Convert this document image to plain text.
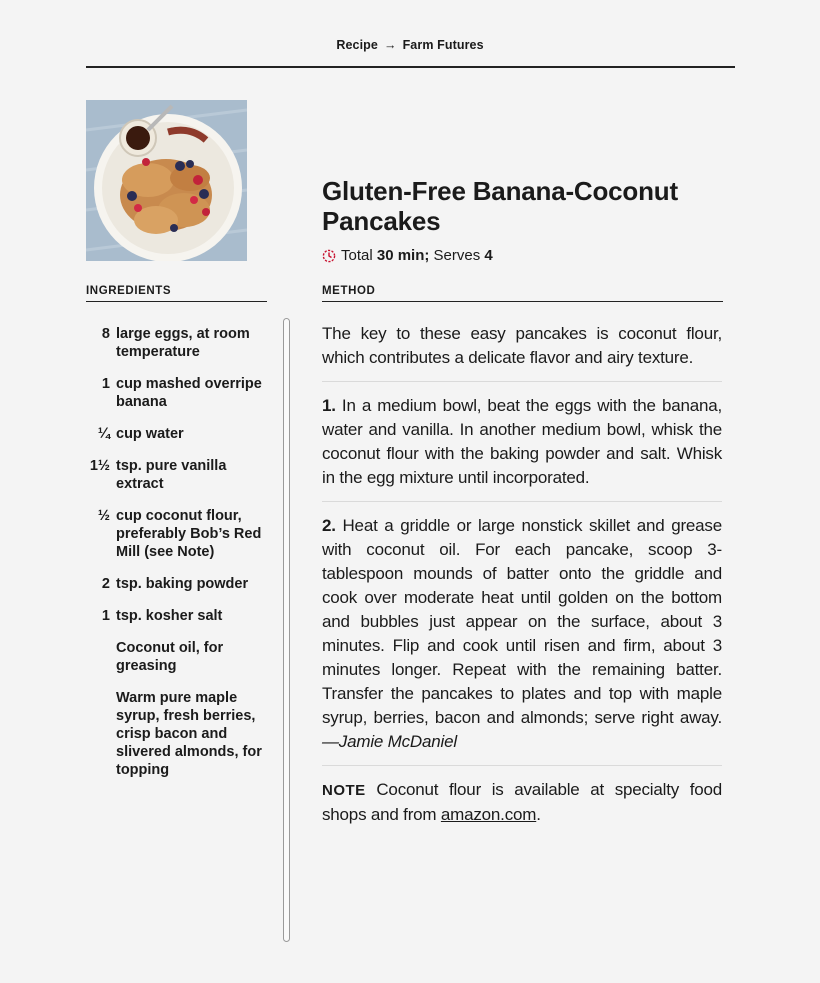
Recipe → Farm Futures
Gluten-Free Banana-Coconut Pancakes
Total
30 min;
Serves
4
INGREDIENTS	METHOD
8 large eggs, at room temperature
1 cup mashed overripe banana
¼ cup water
1½ tsp. pure vanilla extract
½ cup coconut flour, preferably Bob’s Red Mill (see Note)
2 tsp. baking powder
1 tsp. kosher salt
Coconut oil, for greasing
Warm pure maple syrup, fresh berries, crisp bacon and slivered almonds, for topping

The key to these easy pancakes is coconut flour, which contributes a delicate flavor and airy texture.

1. In a medium bowl, beat the eggs with the banana, water and vanilla. In another medium bowl, whisk the coconut flour with the baking powder and salt. Whisk in the egg mixture until incorporated.

2. Heat a griddle or large nonstick skillet and grease with coconut oil. For each pancake, scoop 3-tablespoon mounds of batter onto the griddle and cook over moderate heat until golden on the bottom and bubbles just appear on the surface, about 3 minutes. Flip and cook until risen and firm, about 3 minutes longer. Repeat with the remaining batter. Transfer the pancakes to plates and top with maple syrup, berries, bacon and almonds; serve right away. —Jamie McDaniel

NOTE Coconut flour is available at specialty food shops and from amazon.com.
